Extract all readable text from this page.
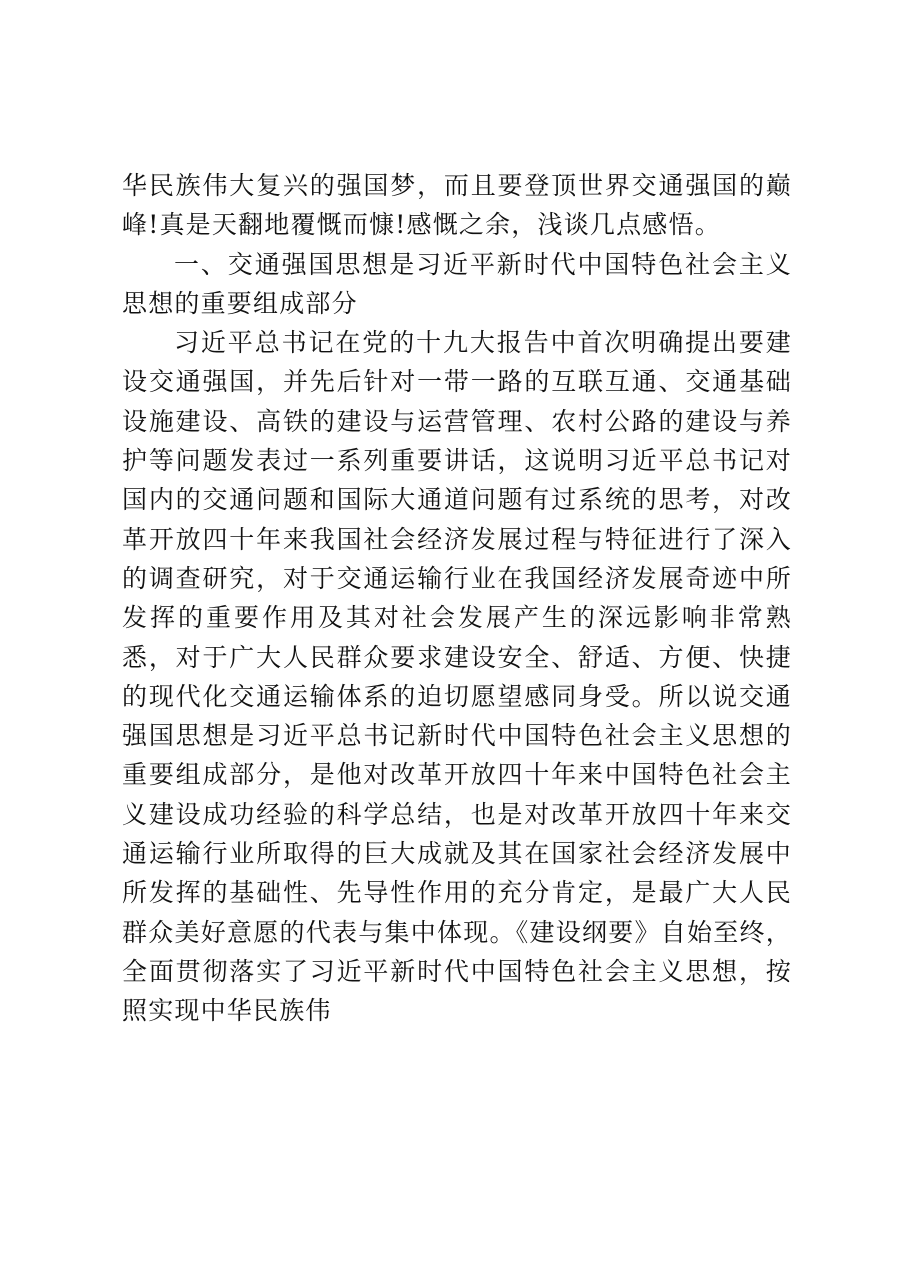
华民族伟大复兴的强国梦，而且要登顶世界交通强国的巅峰!真是天翻地覆慨而慷!感慨之余，浅谈几点感悟。

一、交通强国思想是习近平新时代中国特色社会主义思想的重要组成部分

习近平总书记在党的十九大报告中首次明确提出要建设交通强国，并先后针对一带一路的互联互通、交通基础设施建设、高铁的建设与运营管理、农村公路的建设与养护等问题发表过一系列重要讲话，这说明习近平总书记对国内的交通问题和国际大通道问题有过系统的思考，对改革开放四十年来我国社会经济发展过程与特征进行了深入的调查研究，对于交通运输行业在我国经济发展奇迹中所发挥的重要作用及其对社会发展产生的深远影响非常熟悉，对于广大人民群众要求建设安全、舒适、方便、快捷的现代化交通运输体系的迫切愿望感同身受。所以说交通强国思想是习近平总书记新时代中国特色社会主义思想的重要组成部分，是他对改革开放四十年来中国特色社会主义建设成功经验的科学总结，也是对改革开放四十年来交通运输行业所取得的巨大成就及其在国家社会经济发展中所发挥的基础性、先导性作用的充分肯定，是最广大人民群众美好意愿的代表与集中体现。《建设纲要》自始至终，全面贯彻落实了习近平新时代中国特色社会主义思想，按照实现中华民族伟
